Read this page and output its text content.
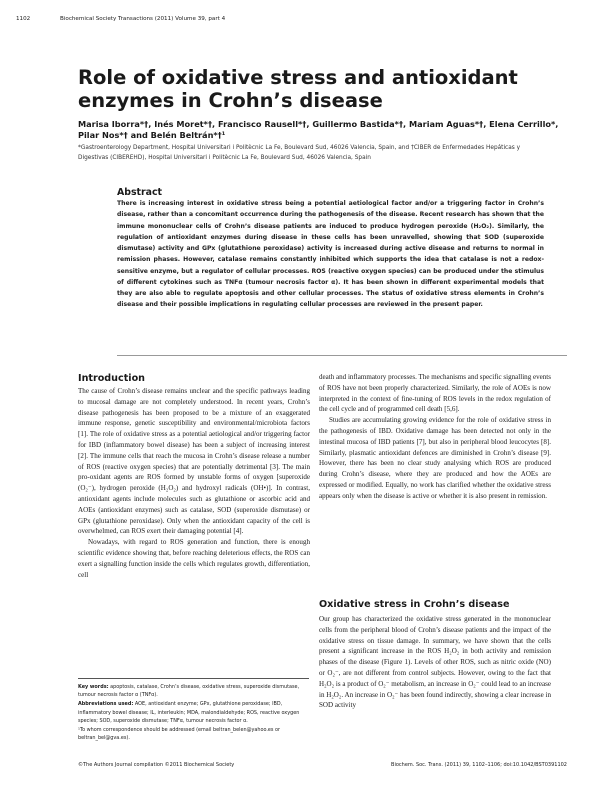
1102	Biochemical Society Transactions (2011) Volume 39, part 4
Role of oxidative stress and antioxidant enzymes in Crohn’s disease
Marisa Iborra*†, Inés Moret*†, Francisco Rausell*†, Guillermo Bastida*†, Mariam Aguas*†, Elena Cerrillo*, Pilar Nos*† and Belén Beltrán*†¹
*Gastroenterology Department, Hospital Universitari i Politècnic La Fe, Boulevard Sud, 46026 Valencia, Spain, and †CIBER de Enfermedades Hepáticas y Digestivas (CIBEREHD), Hospital Universitari i Politècnic La Fe, Boulevard Sud, 46026 Valencia, Spain
Abstract
There is increasing interest in oxidative stress being a potential aetiological factor and/or a triggering factor in Crohn’s disease, rather than a concomitant occurrence during the pathogenesis of the disease. Recent research has shown that the immune mononuclear cells of Crohn’s disease patients are induced to produce hydrogen peroxide (H₂O₂). Similarly, the regulation of antioxidant enzymes during disease in these cells has been unravelled, showing that SOD (superoxide dismutase) activity and GPx (glutathione peroxidase) activity is increased during active disease and returns to normal in remission phases. However, catalase remains constantly inhibited which supports the idea that catalase is not a redox-sensitive enzyme, but a regulator of cellular processes. ROS (reactive oxygen species) can be produced under the stimulus of different cytokines such as TNFα (tumour necrosis factor α). It has been shown in different experimental models that they are also able to regulate apoptosis and other cellular processes. The status of oxidative stress elements in Crohn’s disease and their possible implications in regulating cellular processes are reviewed in the present paper.
Introduction

The cause of Crohn’s disease remains unclear and the specific pathways leading to mucosal damage are not completely understood. In recent years, Crohn’s disease pathogenesis has been proposed to be a mixture of an exaggerated immune response, genetic susceptibility and environmental/microbiota factors [1]. The role of oxidative stress as a potential aetiological and/or triggering factor for IBD (inflammatory bowel disease) has been a subject of increasing interest [2]. The immune cells that reach the mucosa in Crohn’s disease release a number of ROS (reactive oxygen species) that are potentially detrimental [3]. The main pro-oxidant agents are ROS formed by unstable forms of oxygen [superoxide (O₂⁻), hydrogen peroxide (H₂O₂) and hydroxyl radicals (OH•)]. In contrast, antioxidant agents include molecules such as glutathione or ascorbic acid and AOEs (antioxidant enzymes) such as catalase, SOD (superoxide dismutase) or GPx (glutathione peroxidase). Only when the antioxidant capacity of the cell is overwhelmed, can ROS exert their damaging potential [4].

Nowadays, with regard to ROS generation and function, there is enough scientific evidence showing that, before reaching deleterious effects, the ROS can exert a signalling function inside the cells which regulates growth, differentiation, cell

death and inflammatory processes. The mechanisms and specific signalling events of ROS have not been properly characterized. Similarly, the role of AOEs is now interpreted in the context of fine-tuning of ROS levels in the redox regulation of the cell cycle and of programmed cell death [5,6].

Studies are accumulating growing evidence for the role of oxidative stress in the pathogenesis of IBD. Oxidative damage has been detected not only in the intestinal mucosa of IBD patients [7], but also in peripheral blood leucocytes [8]. Similarly, plasmatic antioxidant defences are diminished in Crohn’s disease [9]. However, there has been no clear study analysing which ROS are produced during Crohn’s disease, where they are produced and how the AOEs are expressed or modified. Equally, no work has clarified whether the oxidative stress appears only when the disease is active or whether it is also present in remission.

Oxidative stress in Crohn’s disease

Our group has characterized the oxidative stress generated in the mononuclear cells from the peripheral blood of Crohn’s disease patients and the impact of the oxidative stress on tissue damage. In summary, we have shown that the cells present a significant increase in the ROS H₂O₂ in both activity and remission phases of the disease (Figure 1). Levels of other ROS, such as nitric oxide (NO) or O₂⁻, are not different from control subjects. However, owing to the fact that H₂O₂ is a product of O₂⁻ metabolism, an increase in O₂⁻ could lead to an increase in H₂O₂. An increase in O₂⁻ has been found indirectly, showing a clear increase in SOD activity

Key words: apoptosis, catalase, Crohn’s disease, oxidative stress, superoxide dismutase, tumour necrosis factor α (TNFα).

Abbreviations used: AOE, antioxidant enzyme; GPx, glutathione peroxidase; IBD, inflammatory bowel disease; IL, interleukin; MDA, malondialdehyde; ROS, reactive oxygen species; SOD, superoxide dismutase; TNFα, tumour necrosis factor α.

¹To whom correspondence should be addressed (email beltran_belen@yahoo.es or beltran_bel@gva.es).

©The Authors Journal compilation ©2011 Biochemical Society	Biochem. Soc. Trans. (2011) 39, 1102–1106; doi:10.1042/BST0391102
